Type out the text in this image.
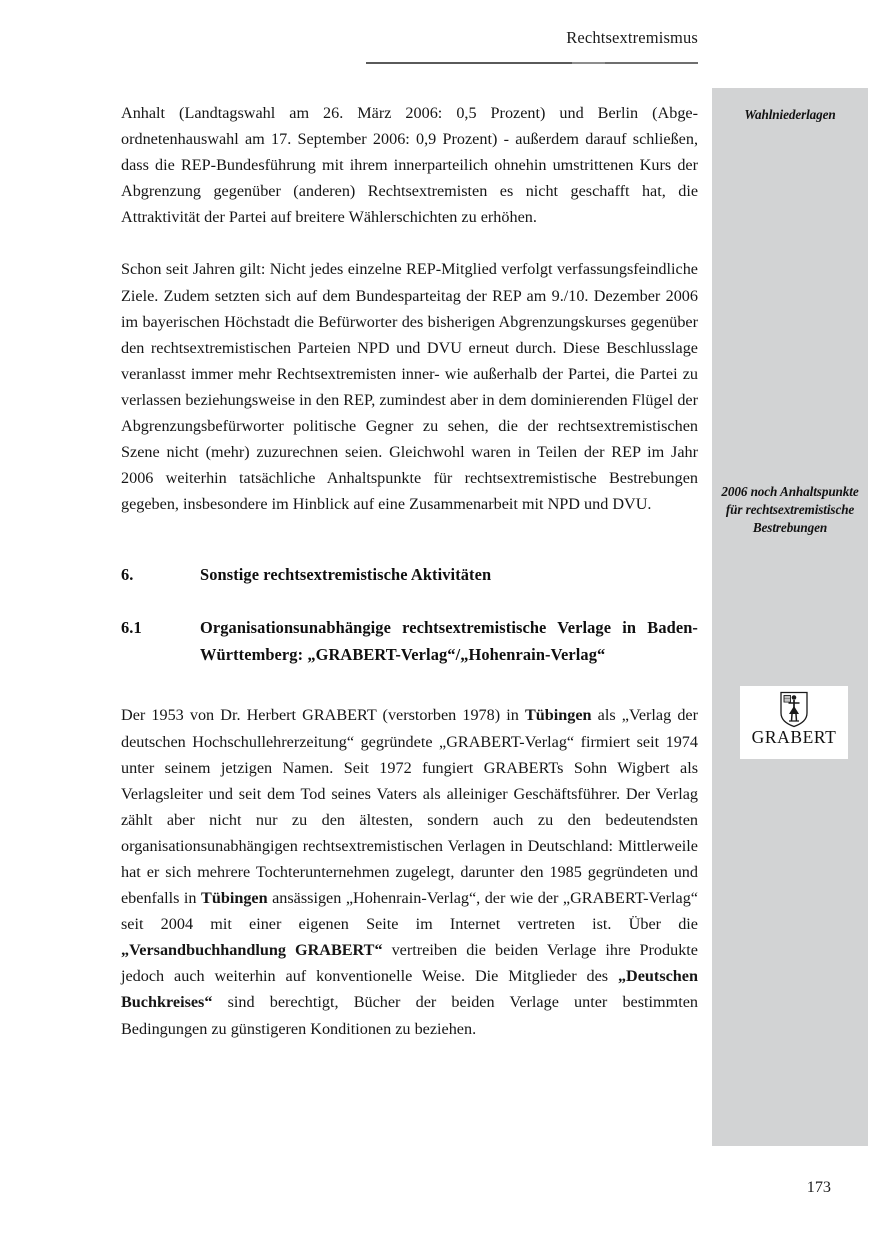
Rechtsextremismus
Wahlniederlagen
2006 noch Anhaltspunkte für rechtsextremistische Bestrebungen
GRABERT

Anhalt (Landtagswahl am 26. März 2006: 0,5 Prozent) und Berlin (Abgeordnetenhauswahl am 17. September 2006: 0,9 Prozent) - außerdem darauf schließen, dass die REP-Bundesführung mit ihrem innerparteilich ohnehin umstrittenen Kurs der Abgrenzung gegenüber (anderen) Rechtsextremisten es nicht geschafft hat, die Attraktivität der Partei auf breitere Wählerschichten zu erhöhen.

Schon seit Jahren gilt: Nicht jedes einzelne REP-Mitglied verfolgt verfassungsfeindliche Ziele. Zudem setzten sich auf dem Bundesparteitag der REP am 9./10. Dezember 2006 im bayerischen Höchstadt die Befürworter des bisherigen Abgrenzungskurses gegenüber den rechtsextremistischen Parteien NPD und DVU erneut durch. Diese Beschlusslage veranlasst immer mehr Rechtsextremisten inner- wie außerhalb der Partei, die Partei zu verlassen beziehungsweise in den REP, zumindest aber in dem dominierenden Flügel der Abgrenzungsbefürworter politische Gegner zu sehen, die der rechtsextremistischen Szene nicht (mehr) zuzurechnen seien. Gleichwohl waren in Teilen der REP im Jahr 2006 weiterhin tatsächliche Anhaltspunkte für rechtsextremistische Bestrebungen gegeben, insbesondere im Hinblick auf eine Zusammenarbeit mit NPD und DVU.

6.	Sonstige rechtsextremistische Aktivitäten
6.1	Organisationsunabhängige rechtsextremistische Verlage in Baden-Württemberg: „GRABERT-Verlag“/„Hohenrain-Verlag“

Der 1953 von Dr. Herbert GRABERT (verstorben 1978) in Tübingen als „Verlag der deutschen Hochschullehrerzeitung“ gegründete „GRABERT-Verlag“ firmiert seit 1974 unter seinem jetzigen Namen. Seit 1972 fungiert GRABERTs Sohn Wigbert als Verlagsleiter und seit dem Tod seines Vaters als alleiniger Geschäftsführer. Der Verlag zählt aber nicht nur zu den ältesten, sondern auch zu den bedeutendsten organisationsunabhängigen rechtsextremistischen Verlagen in Deutschland: Mittlerweile hat er sich mehrere Tochterunternehmen zugelegt, darunter den 1985 gegründeten und ebenfalls in Tübingen ansässigen „Hohenrain-Verlag“, der wie der „GRABERT-Verlag“ seit 2004 mit einer eigenen Seite im Internet vertreten ist. Über die „Versandbuchhandlung GRABERT“ vertreiben die beiden Verlage ihre Produkte jedoch auch weiterhin auf konventionelle Weise. Die Mitglieder des „Deutschen Buchkreises“ sind berechtigt, Bücher der beiden Verlage unter bestimmten Bedingungen zu günstigeren Konditionen zu beziehen.

173
